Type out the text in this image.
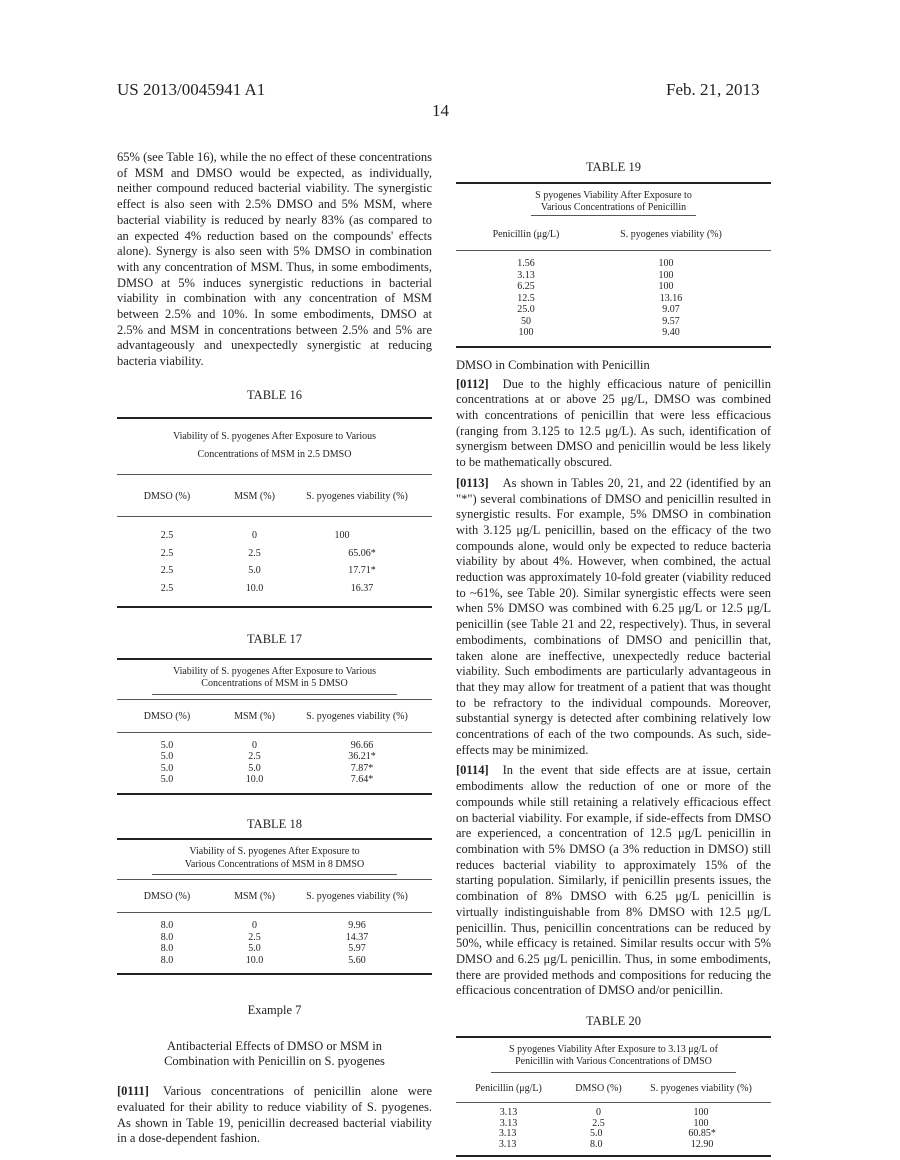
US 2013/0045941 A1
14
Feb. 21, 2013

65% (see Table 16), while the no effect of these concentrations of MSM and DMSO would be expected, as individually, neither compound reduced bacterial viability. The synergistic effect is also seen with 2.5% DMSO and 5% MSM, where bacterial viability is reduced by nearly 83% (as compared to an expected 4% reduction based on the compounds' effects alone). Synergy is also seen with 5% DMSO in combination with any concentration of MSM. Thus, in some embodiments, DMSO at 5% induces synergistic reductions in bacterial viability in combination with any concentration of MSM between 2.5% and 10%. In some embodiments, DMSO at 2.5% and MSM in concentrations between 2.5% and 5% are advantageously and unexpectedly synergistic at reducing bacteria viability.

TABLE 16

Viability of S. pyogenes After Exposure to Various
Concentrations of MSM in 2.5 DMSO
DMSO (%)	MSM (%)	S. pyogenes viability (%)
2.5	0	100
2.5	2.5	65.06*
2.5	5.0	17.71*
2.5	10.0	16.37

TABLE 17

Viability of S. pyogenes After Exposure to Various
Concentrations of MSM in 5 DMSO
DMSO (%)	MSM (%)	S. pyogenes viability (%)
5.0	0	96.66
5.0	2.5	36.21*
5.0	5.0	7.87*
5.0	10.0	7.64*

TABLE 18

Viability of S. pyogenes After Exposure to
Various Concentrations of MSM in 8 DMSO
DMSO (%)	MSM (%)	S. pyogenes viability (%)
8.0	0	9.96
8.0	2.5	14.37
8.0	5.0	5.97
8.0	10.0	5.60

Example 7

Antibacterial Effects of DMSO or MSM in
Combination with Penicillin on S. pyogenes

[0111] Various concentrations of penicillin alone were evaluated for their ability to reduce viability of S. pyogenes. As shown in Table 19, penicillin decreased bacterial viability in a dose-dependent fashion.

TABLE 19

S pyogenes Viability After Exposure to
Various Concentrations of Penicillin
Penicillin (μg/L)	S. pyogenes viability (%)
1.56	100
3.13	100
6.25	100
12.5	13.16
25.0	9.07
50	9.57
100	9.40

DMSO in Combination with Penicillin

[0112] Due to the highly efficacious nature of penicillin concentrations at or above 25 μg/L, DMSO was combined with concentrations of penicillin that were less efficacious (ranging from 3.125 to 12.5 μg/L). As such, identification of synergism between DMSO and penicillin would be less likely to be mathematically obscured.

[0113] As shown in Tables 20, 21, and 22 (identified by an "*") several combinations of DMSO and penicillin resulted in synergistic results. For example, 5% DMSO in combination with 3.125 μg/L penicillin, based on the efficacy of the two compounds alone, would only be expected to reduce bacteria viability by about 4%. However, when combined, the actual reduction was approximately 10-fold greater (viability reduced to ~61%, see Table 20). Similar synergistic effects were seen when 5% DMSO was combined with 6.25 μg/L or 12.5 μg/L penicillin (see Table 21 and 22, respectively). Thus, in several embodiments, combinations of DMSO and penicillin that, taken alone are ineffective, unexpectedly reduce bacterial viability. Such embodiments are particularly advantageous in that they may allow for treatment of a patient that was thought to be refractory to the individual compounds. Moreover, substantial synergy is detected after combining relatively low concentrations of each of the two compounds. As such, side-effects may be minimized.

[0114] In the event that side effects are at issue, certain embodiments allow the reduction of one or more of the compounds while still retaining a relatively efficacious effect on bacterial viability. For example, if side-effects from DMSO are experienced, a concentration of 12.5 μg/L penicillin in combination with 5% DMSO (a 3% reduction in DMSO) still reduces bacterial viability to approximately 15% of the starting population. Similarly, if penicillin presents issues, the combination of 8% DMSO with 6.25 μg/L penicillin is virtually indistinguishable from 8% DMSO with 12.5 μg/L penicillin. Thus, penicillin concentrations can be reduced by 50%, while efficacy is retained. Similar results occur with 5% DMSO and 6.25 μg/L penicillin. Thus, in some embodiments, there are provided methods and compositions for reducing the efficacious concentration of DMSO and/or penicillin.

TABLE 20

S pyogenes Viability After Exposure to 3.13 μg/L of
Penicillin with Various Concentrations of DMSO
Penicillin (μg/L)	DMSO (%)	S. pyogenes viability (%)
3.13	0	100
3.13	2.5	100
3.13	5.0	60.85*
3.13	8.0	12.90
